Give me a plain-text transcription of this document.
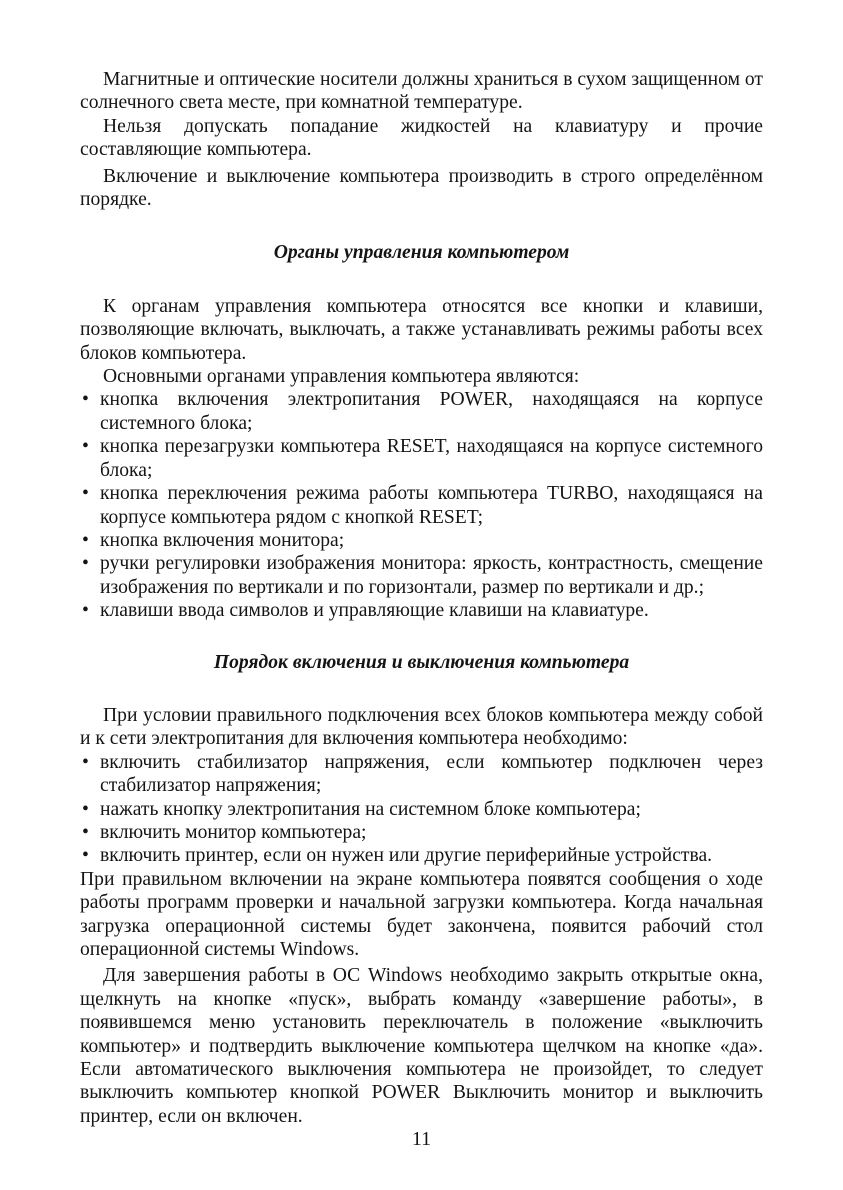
Магнитные и оптические носители должны храниться в сухом защищенном от солнечного света месте, при комнатной температуре.

Нельзя допускать попадание жидкостей на клавиатуру и прочие составляющие компьютера.

Включение и выключение компьютера производить в строго определённом порядке.

Органы управления компьютером

К органам управления компьютера относятся все кнопки и клавиши, позволяющие включать, выключать, а также устанавливать режимы работы всех блоков компьютера.

Основными органами управления компьютера являются:

• кнопка включения электропитания POWER, находящаяся на корпусе системного блока;
• кнопка перезагрузки компьютера RESET, находящаяся на корпусе системного блока;
• кнопка переключения режима работы компьютера TURBO, находящаяся на корпусе компьютера рядом с кнопкой RESET;
• кнопка включения монитора;
• ручки регулировки изображения монитора: яркость, контрастность, смещение изображения по вертикали и по горизонтали, размер по вертикали и др.;
• клавиши ввода символов и управляющие клавиши на клавиатуре.
Порядок включения и выключения компьютера

При условии правильного подключения всех блоков компьютера между собой и к сети электропитания для включения компьютера необходимо:

• включить стабилизатор напряжения, если компьютер подключен через стабилизатор напряжения;
• нажать кнопку электропитания на системном блоке компьютера;
• включить монитор компьютера;
• включить принтер, если он нужен или другие периферийные устройства.

При правильном включении на экране компьютера появятся сообщения о ходе работы программ проверки и начальной загрузки компьютера. Когда начальная загрузка операционной системы будет закончена, появится рабочий стол операционной системы Windows.

Для завершения работы в ОС Windows необходимо закрыть открытые окна, щелкнуть на кнопке «пуск», выбрать команду «завершение работы», в появившемся меню установить переключатель в положение «выключить компьютер» и подтвердить выключение компьютера щелчком на кнопке «да». Если автоматического выключения компьютера не произойдет, то следует выключить компьютер кнопкой POWER Выключить монитор и выключить принтер, если он включен.

11
